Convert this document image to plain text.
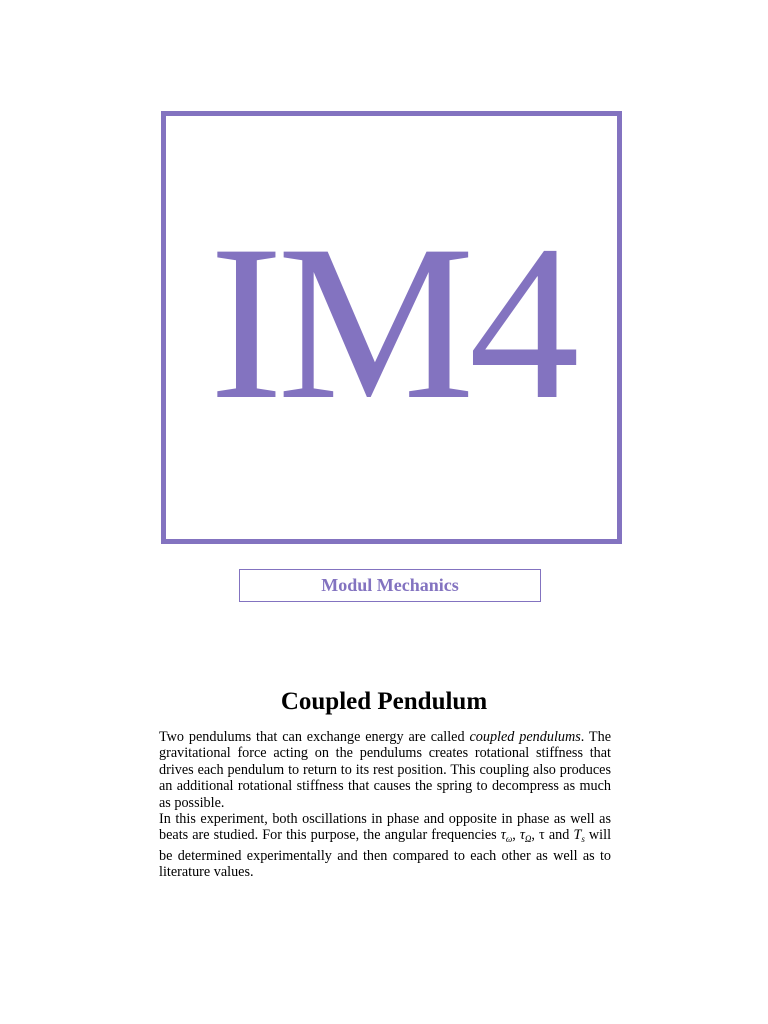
IM4
Modul Mechanics
Coupled Pendulum

Two pendulums that can exchange energy are called coupled pendulums. The gravitational force acting on the pendulums creates rotational stiffness that drives each pendulum to return to its rest position. This coupling also produces an additional rotational stiffness that causes the spring to decompress as much as possible.

In this experiment, both oscillations in phase and opposite in phase as well as beats are studied. For this purpose, the angular frequencies $\tau_\omega$, $\tau_\Omega$, τ and $T_s$ will be determined experimentally and then compared to each other as well as to literature values.
